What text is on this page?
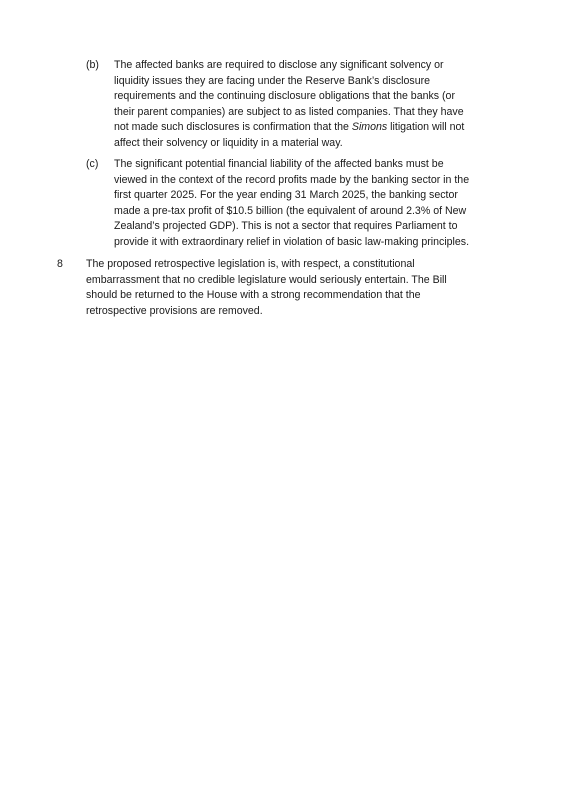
(b) The affected banks are required to disclose any significant solvency or
liquidity issues they are facing under the Reserve Bank’s disclosure
requirements and the continuing disclosure obligations that the banks (or
their parent companies) are subject to as listed companies. That they have
not made such disclosures is confirmation that the Simons litigation will not
affect their solvency or liquidity in a material way.
(c) The significant potential financial liability of the affected banks must be
viewed in the context of the record profits made by the banking sector in the
first quarter 2025. For the year ending 31 March 2025, the banking sector
made a pre-tax profit of $10.5 billion (the equivalent of around 2.3% of New
Zealand’s projected GDP). This is not a sector that requires Parliament to
provide it with extraordinary relief in violation of basic law-making principles.
8 The proposed retrospective legislation is, with respect, a constitutional
embarrassment that no credible legislature would seriously entertain. The Bill
should be returned to the House with a strong recommendation that the
retrospective provisions are removed.
